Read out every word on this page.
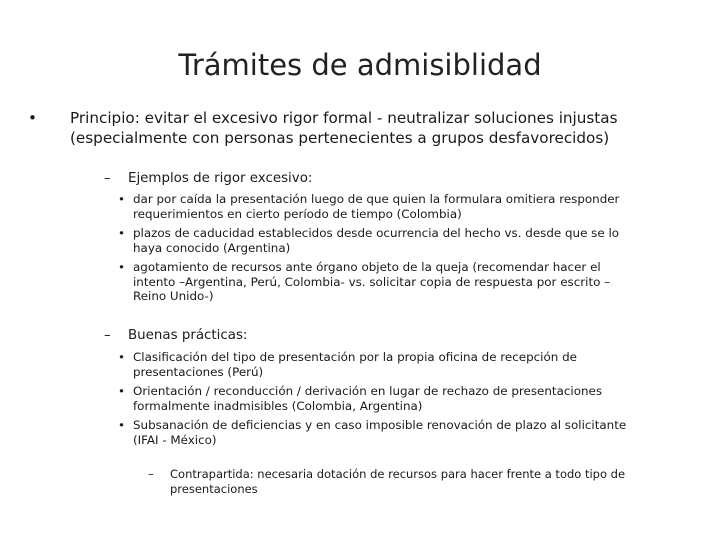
Trámites de admisiblidad
• Principio: evitar el excesivo rigor formal - neutralizar soluciones injustas
(especialmente con personas pertenecientes a grupos desfavorecidos)
– Ejemplos de rigor excesivo:
• dar por caída la presentación luego de que quien la formulara omitiera responder
requerimientos en cierto período de tiempo (Colombia)
• plazos de caducidad establecidos desde ocurrencia del hecho vs. desde que se lo
haya conocido (Argentina)
• agotamiento de recursos ante órgano objeto de la queja (recomendar hacer el
intento –Argentina, Perú, Colombia- vs. solicitar copia de respuesta por escrito –
Reino Unido-)
– Buenas prácticas:
• Clasificación del tipo de presentación por la propia oficina de recepción de
presentaciones (Perú)
• Orientación / reconducción / derivación en lugar de rechazo de presentaciones
formalmente inadmisibles (Colombia, Argentina)
• Subsanación de deficiencias y en caso imposible renovación de plazo al solicitante
(IFAI - México)
– Contrapartida: necesaria dotación de recursos para hacer frente a todo tipo de
presentaciones
